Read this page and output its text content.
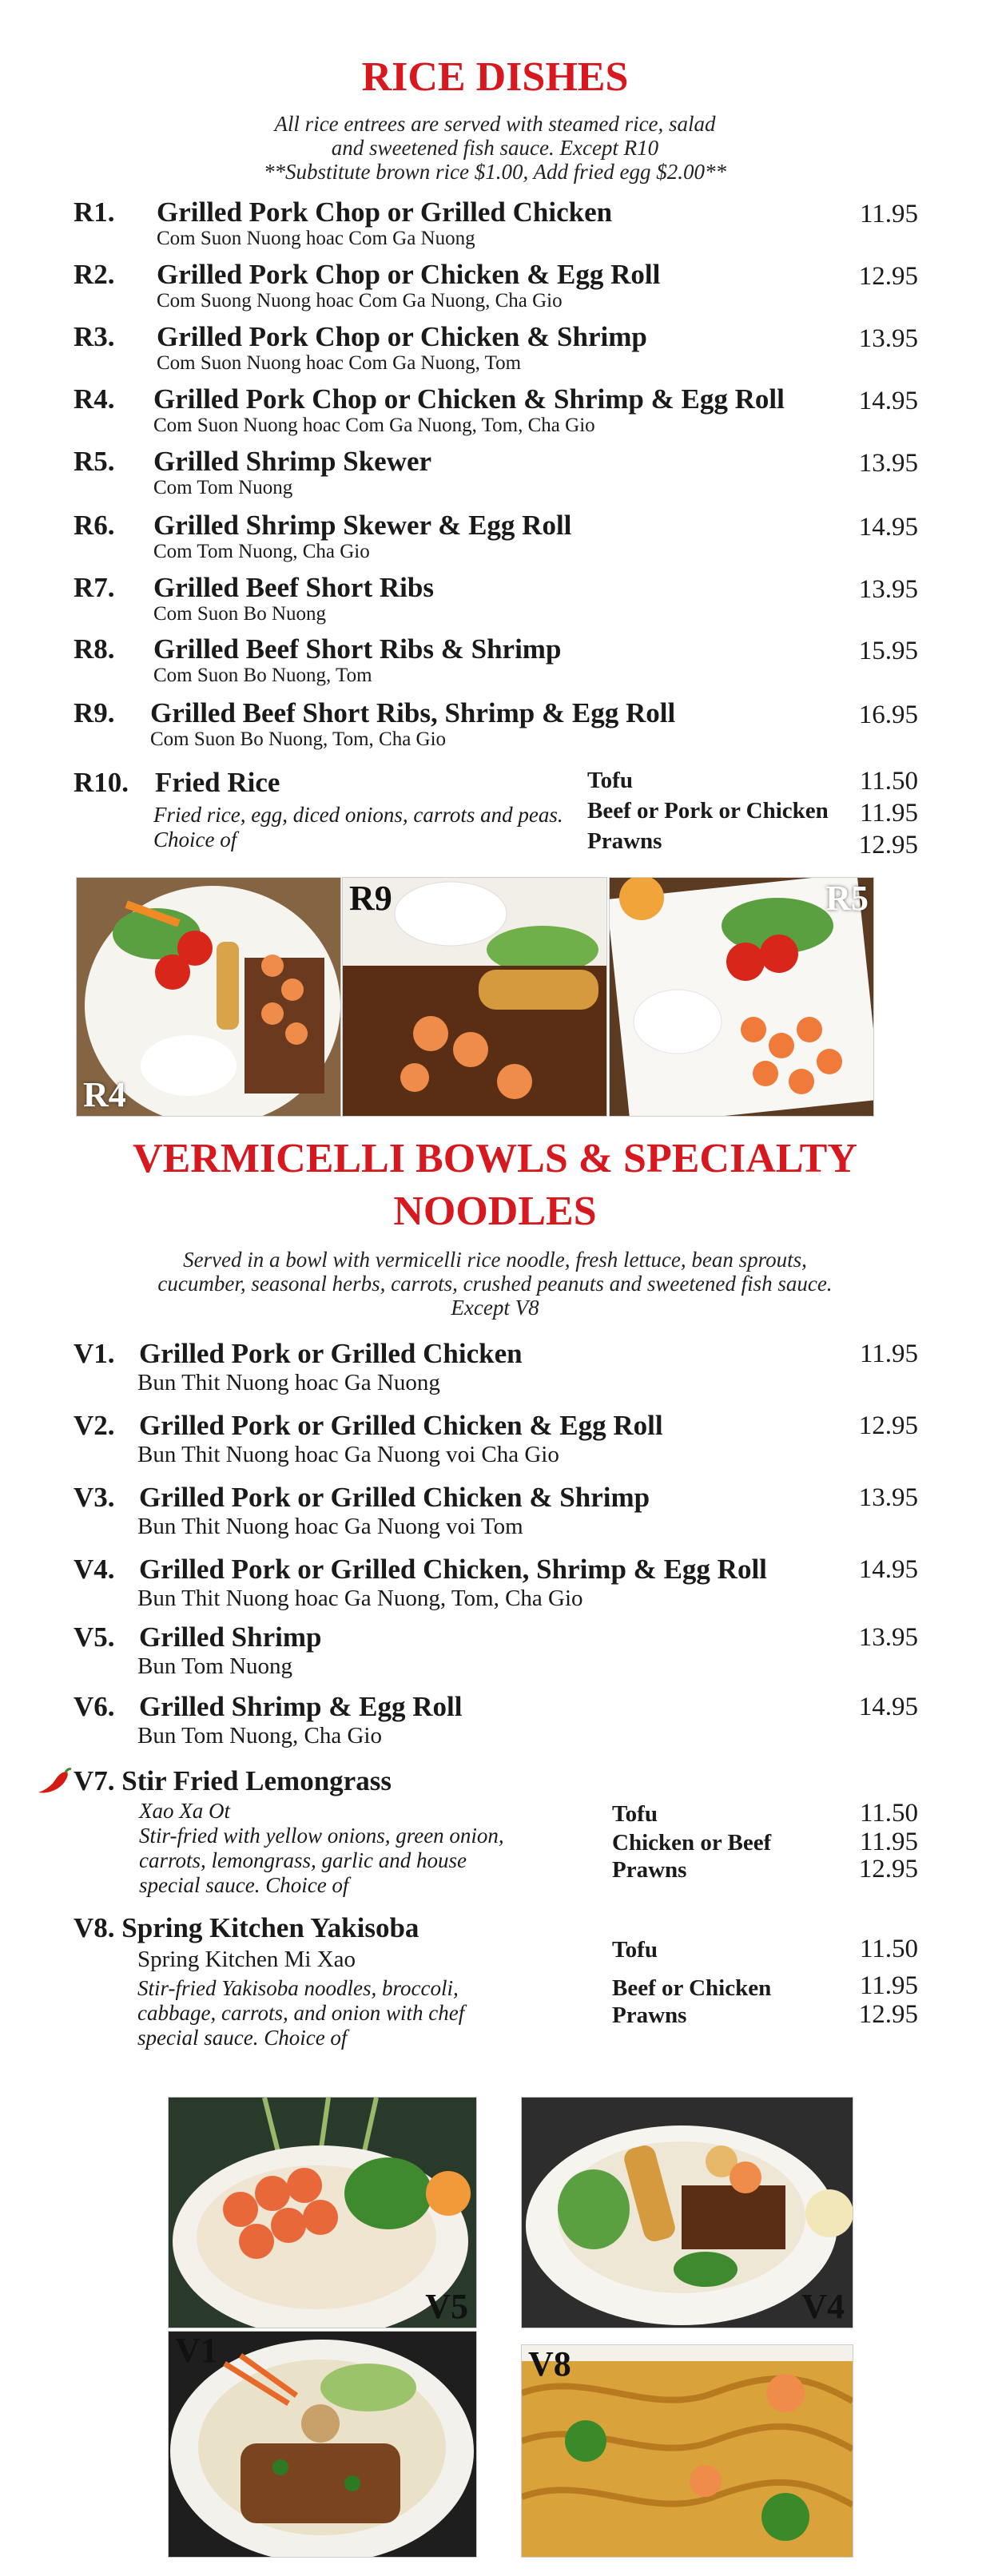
RICE DISHES
All rice entrees are served with steamed rice, salad
and sweetened fish sauce. Except R10
**Substitute brown rice $1.00, Add fried egg $2.00**
R1. Grilled Pork Chop or Grilled Chicken
Com Suon Nuong hoac Com Ga Nuong
11.95
R2. Grilled Pork Chop or Chicken & Egg Roll
Com Suong Nuong hoac Com Ga Nuong, Cha Gio
12.95
R3. Grilled Pork Chop or Chicken & Shrimp
Com Suon Nuong hoac Com Ga Nuong, Tom
13.95
R4. Grilled Pork Chop or Chicken & Shrimp & Egg Roll
Com Suon Nuong hoac Com Ga Nuong, Tom, Cha Gio
14.95
R5. Grilled Shrimp Skewer
Com Tom Nuong
13.95
R6. Grilled Shrimp Skewer & Egg Roll
Com Tom Nuong, Cha Gio
14.95
R7. Grilled Beef Short Ribs
Com Suon Bo Nuong
13.95
R8. Grilled Beef Short Ribs & Shrimp
Com Suon Bo Nuong, Tom
15.95
R9. Grilled Beef Short Ribs, Shrimp & Egg Roll
Com Suon Bo Nuong, Tom, Cha Gio
16.95
R10. Fried Rice
Fried rice, egg, diced onions, carrots and peas.
Choice of
Tofu	11.50
Beef or Pork or Chicken 11.95
Prawns	12.95
R4
R9	R5
VERMICELLI BOWLS & SPECIALTY
NOODLES
Served in a bowl with vermicelli rice noodle, fresh lettuce, bean sprouts,
cucumber, seasonal herbs, carrots, crushed peanuts and sweetened fish sauce.
Except V8
V1. Grilled Pork or Grilled Chicken
Bun Thit Nuong hoac Ga Nuong
11.95
V2. Grilled Pork or Grilled Chicken & Egg Roll
Bun Thit Nuong hoac Ga Nuong voi Cha Gio
12.95
V3. Grilled Pork or Grilled Chicken & Shrimp
Bun Thit Nuong hoac Ga Nuong voi Tom
13.95
V4. Grilled Pork or Grilled Chicken, Shrimp & Egg Roll
Bun Thit Nuong hoac Ga Nuong, Tom, Cha Gio
14.95
V5. Grilled Shrimp
Bun Tom Nuong
13.95
V6. Grilled Shrimp & Egg Roll
Bun Tom Nuong, Cha Gio
14.95
V7. Stir Fried Lemongrass
Xao Xa Ot
Stir-fried with yellow onions, green onion,
carrots, lemongrass, garlic and house
special sauce. Choice of
Tofu	11.50
Chicken or Beef	11.95
Prawns	12.95
V8. Spring Kitchen Yakisoba
Spring Kitchen Mi Xao
Stir-fried Yakisoba noodles, broccoli,
cabbage, carrots, and onion with chef
special sauce. Choice of
Tofu	11.50
Beef or Chicken	11.95
Prawns	12.95
V5	V4
V1	V8
